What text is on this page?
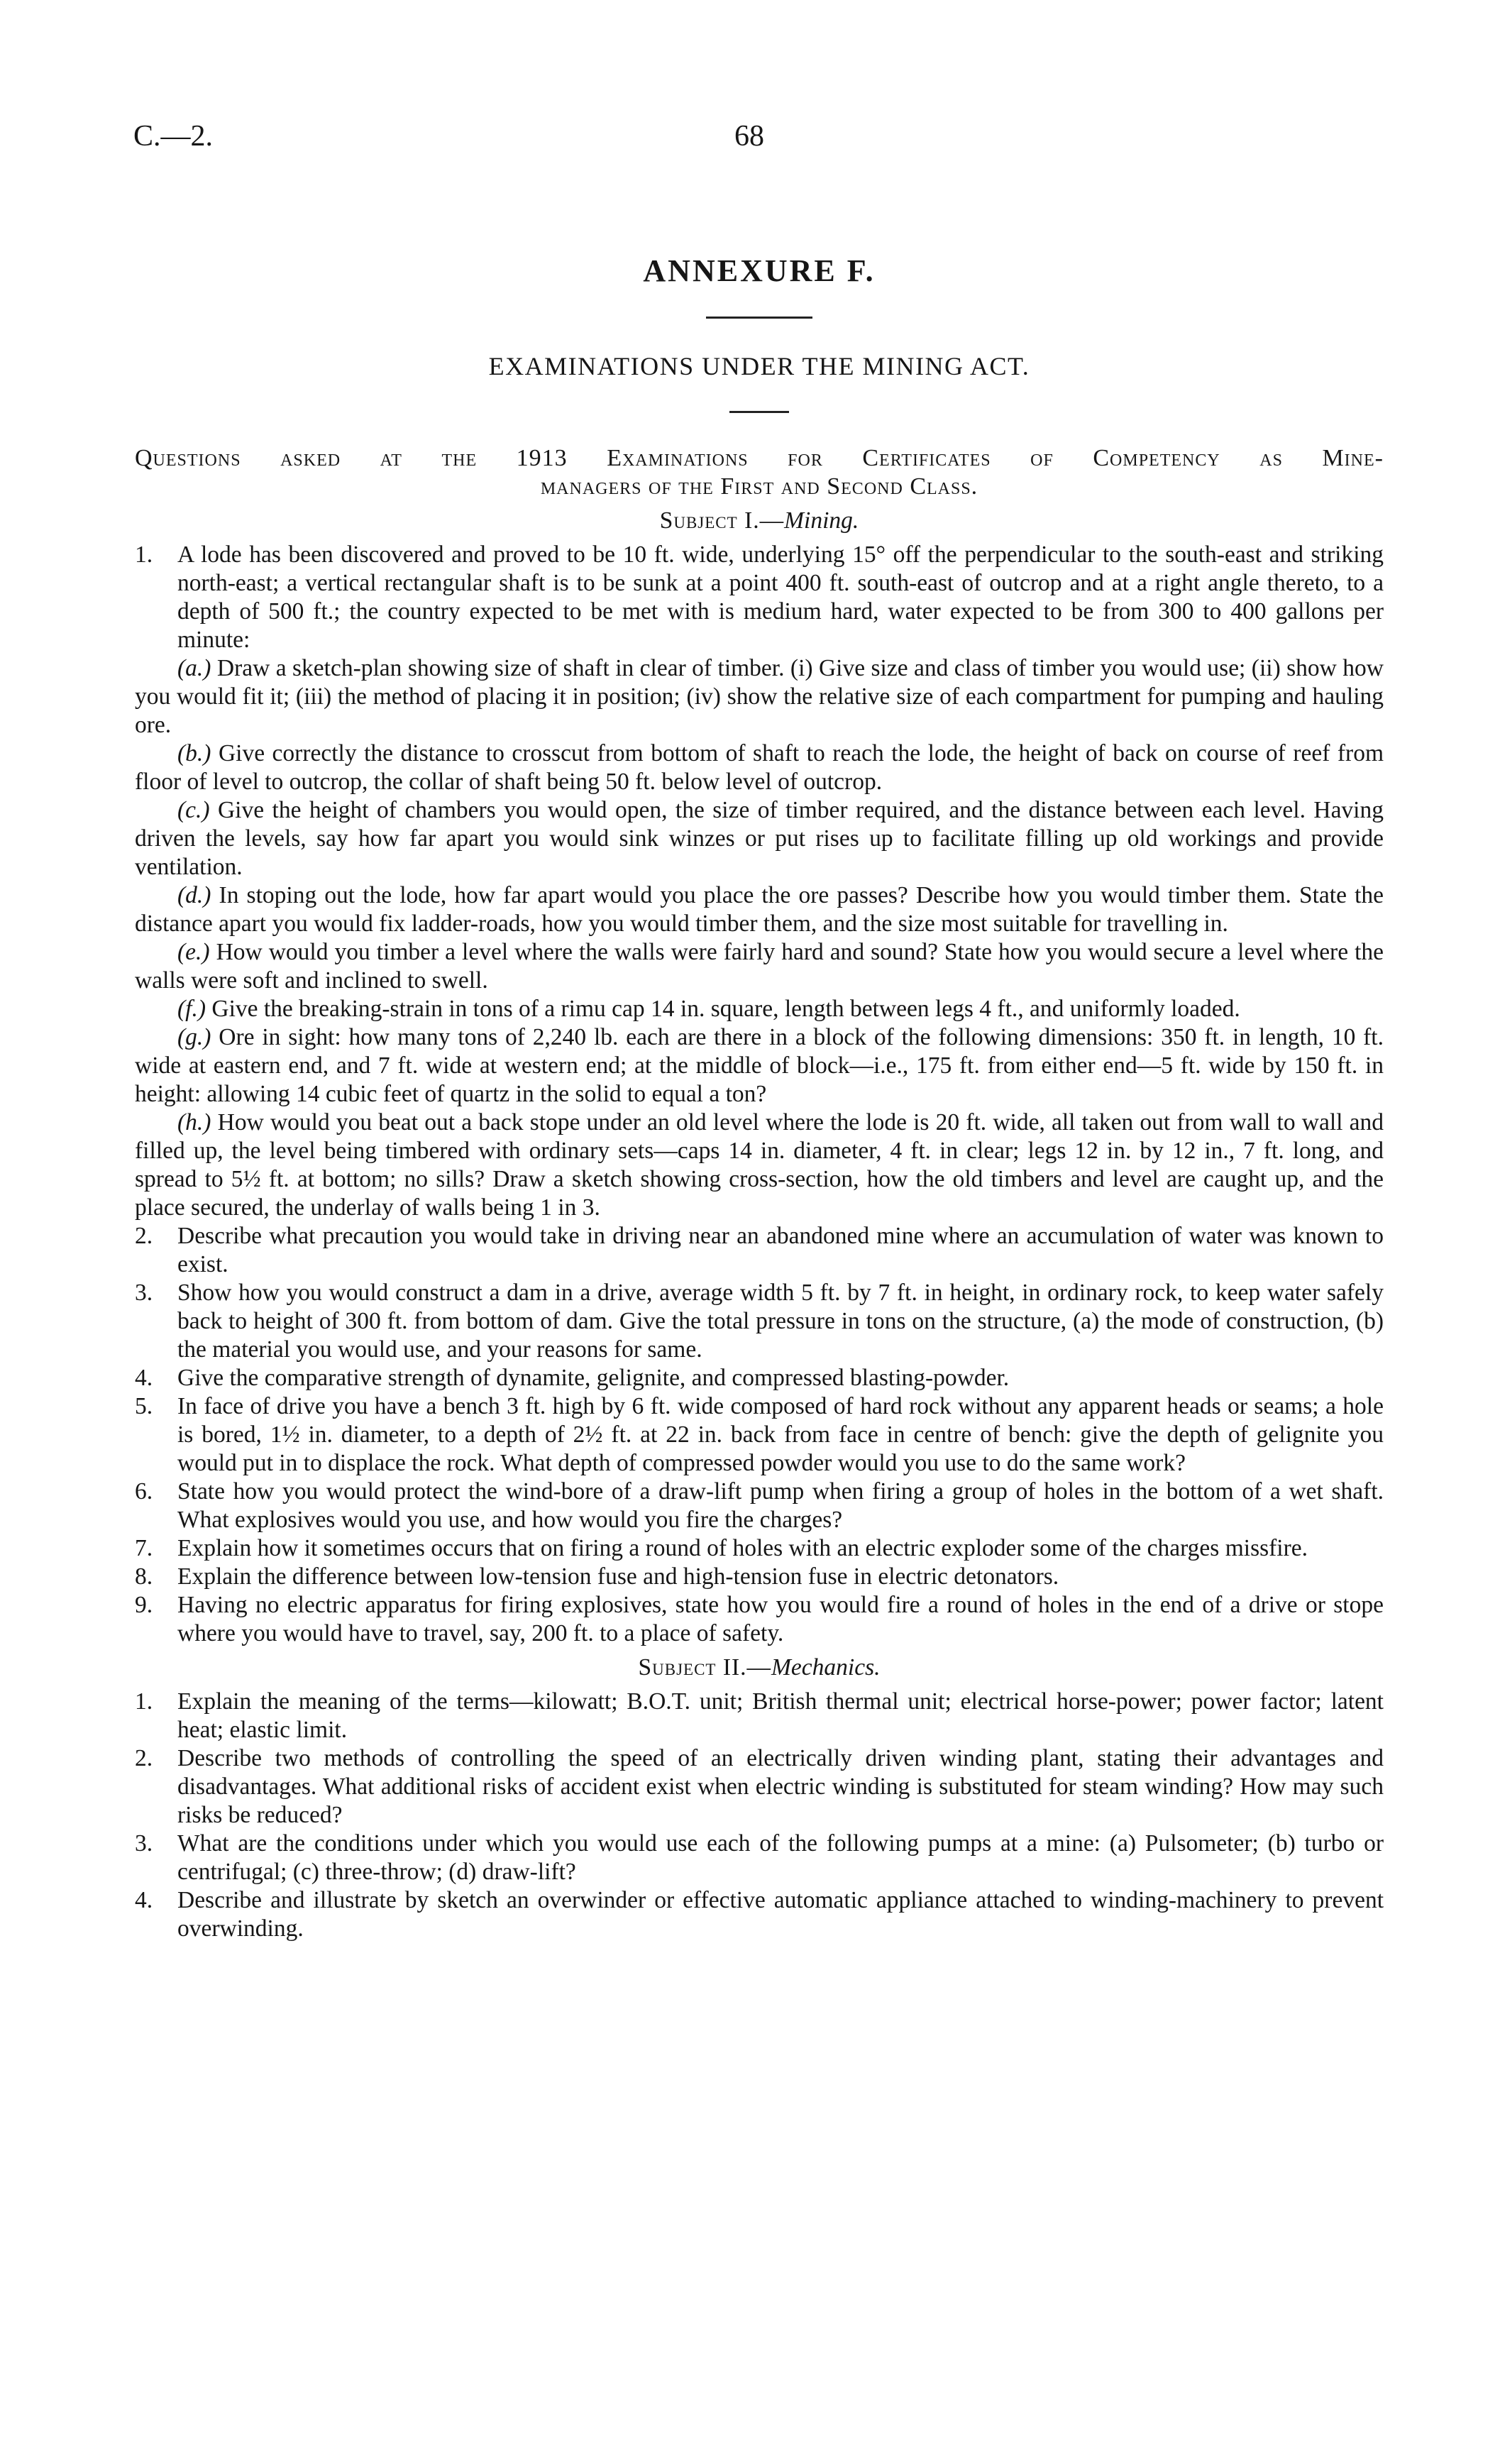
C.—2.	68
ANNEXURE F.
EXAMINATIONS UNDER THE MINING ACT.
Questions asked at the 1913 Examinations for Certificates of Competency as Mine-
managers of the First and Second Class.
Subject I.—Mining.
1. A lode has been discovered and proved to be 10 ft. wide, underlying 15° off the perpendicular to the south-east and striking north-east; a vertical rectangular shaft is to be sunk at a point 400 ft. south-east of outcrop and at a right angle thereto, to a depth of 500 ft.; the country expected to be met with is medium hard, water expected to be from 300 to 400 gallons per minute:
(a.) Draw a sketch-plan showing size of shaft in clear of timber. (i) Give size and class of timber you would use; (ii) show how you would fit it; (iii) the method of placing it in position; (iv) show the relative size of each compartment for pumping and hauling ore.
(b.) Give correctly the distance to crosscut from bottom of shaft to reach the lode, the height of back on course of reef from floor of level to outcrop, the collar of shaft being 50 ft. below level of outcrop.
(c.) Give the height of chambers you would open, the size of timber required, and the distance between each level. Having driven the levels, say how far apart you would sink winzes or put rises up to facilitate filling up old workings and provide ventilation.
(d.) In stoping out the lode, how far apart would you place the ore passes? Describe how you would timber them. State the distance apart you would fix ladder-roads, how you would timber them, and the size most suitable for travelling in.
(e.) How would you timber a level where the walls were fairly hard and sound? State how you would secure a level where the walls were soft and inclined to swell.
(f.) Give the breaking-strain in tons of a rimu cap 14 in. square, length between legs 4 ft., and uniformly loaded.
(g.) Ore in sight: how many tons of 2,240 lb. each are there in a block of the following dimensions: 350 ft. in length, 10 ft. wide at eastern end, and 7 ft. wide at western end; at the middle of block—i.e., 175 ft. from either end—5 ft. wide by 150 ft. in height: allowing 14 cubic feet of quartz in the solid to equal a ton?
(h.) How would you beat out a back stope under an old level where the lode is 20 ft. wide, all taken out from wall to wall and filled up, the level being timbered with ordinary sets—caps 14 in. diameter, 4 ft. in clear; legs 12 in. by 12 in., 7 ft. long, and spread to 5½ ft. at bottom; no sills? Draw a sketch showing cross-section, how the old timbers and level are caught up, and the place secured, the underlay of walls being 1 in 3.
2. Describe what precaution you would take in driving near an abandoned mine where an accumulation of water was known to exist.
3. Show how you would construct a dam in a drive, average width 5 ft. by 7 ft. in height, in ordinary rock, to keep water safely back to height of 300 ft. from bottom of dam. Give the total pressure in tons on the structure, (a) the mode of construction, (b) the material you would use, and your reasons for same.
4. Give the comparative strength of dynamite, gelignite, and compressed blasting-powder.
5. In face of drive you have a bench 3 ft. high by 6 ft. wide composed of hard rock without any apparent heads or seams; a hole is bored, 1½ in. diameter, to a depth of 2½ ft. at 22 in. back from face in centre of bench: give the depth of gelignite you would put in to displace the rock. What depth of compressed powder would you use to do the same work?
6. State how you would protect the wind-bore of a draw-lift pump when firing a group of holes in the bottom of a wet shaft. What explosives would you use, and how would you fire the charges?
7. Explain how it sometimes occurs that on firing a round of holes with an electric exploder some of the charges missfire.
8. Explain the difference between low-tension fuse and high-tension fuse in electric detonators.
9. Having no electric apparatus for firing explosives, state how you would fire a round of holes in the end of a drive or stope where you would have to travel, say, 200 ft. to a place of safety.
Subject II.—Mechanics.
1. Explain the meaning of the terms—kilowatt; B.O.T. unit; British thermal unit; electrical horse-power; power factor; latent heat; elastic limit.
2. Describe two methods of controlling the speed of an electrically driven winding plant, stating their advantages and disadvantages. What additional risks of accident exist when electric winding is substituted for steam winding? How may such risks be reduced?
3. What are the conditions under which you would use each of the following pumps at a mine: (a) Pulsometer; (b) turbo or centrifugal; (c) three-throw; (d) draw-lift?
4. Describe and illustrate by sketch an overwinder or effective automatic appliance attached to winding-machinery to prevent overwinding.
